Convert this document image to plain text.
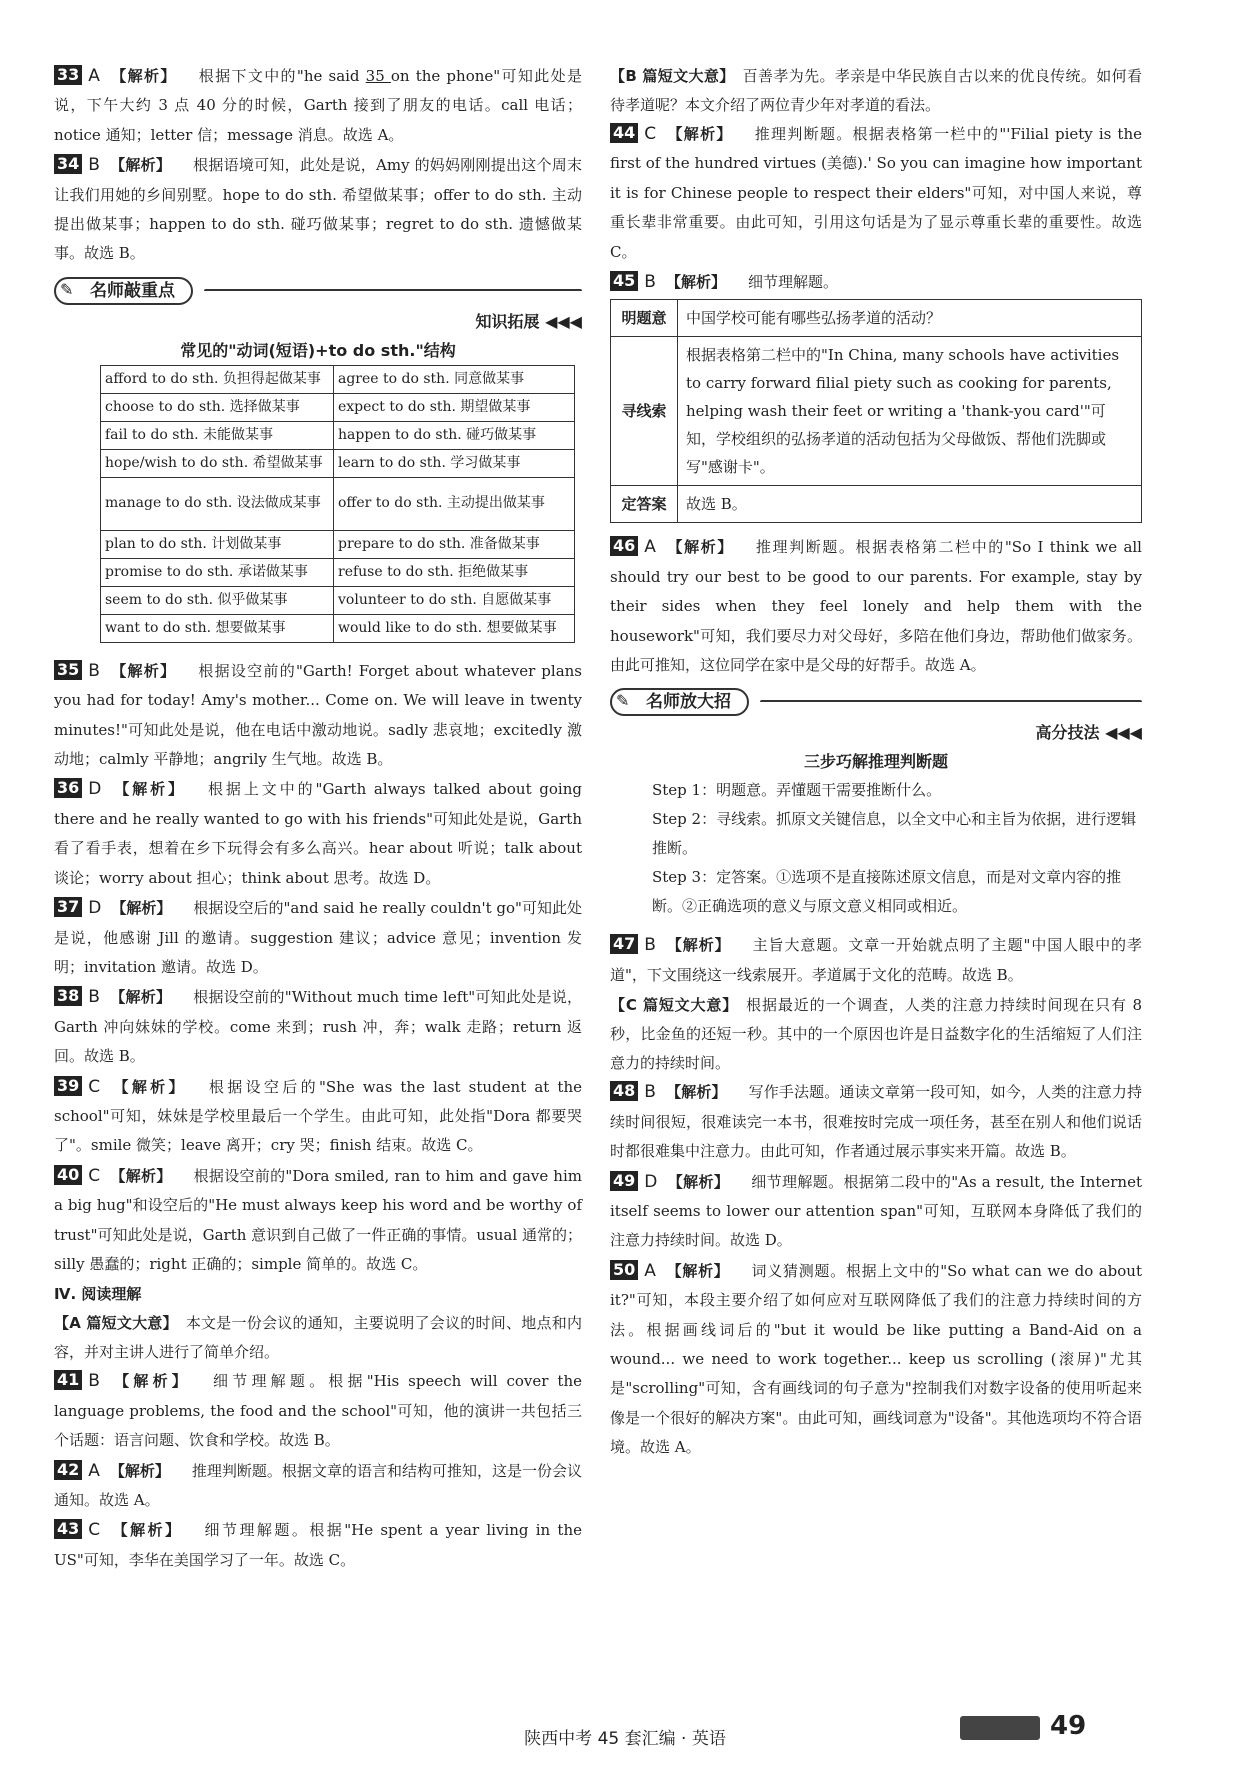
33 A 【解析】 根据下文中的"he said 35 on the phone"可知此处是说，下午大约 3 点 40 分的时候，Garth 接到了朋友的电话。call 电话；notice 通知；letter 信；message 消息。故选 A。
34 B 【解析】 根据语境可知，此处是说，Amy 的妈妈刚刚提出这个周末让我们用她的乡间别墅。hope to do sth. 希望做某事；offer to do sth. 主动提出做某事；happen to do sth. 碰巧做某事；regret to do sth. 遗憾做某事。故选 B。
✎ 名师敲重点
知识拓展 ◀◀◀
常见的"动词(短语)+to do sth."结构
afford to do sth. 负担得起做某事	agree to do sth. 同意做某事
choose to do sth. 选择做某事	expect to do sth. 期望做某事
fail to do sth. 未能做某事	happen to do sth. 碰巧做某事
hope/wish to do sth. 希望做某事	learn to do sth. 学习做某事
manage to do sth. 设法做成某事	offer to do sth. 主动提出做某事
plan to do sth. 计划做某事	prepare to do sth. 准备做某事
promise to do sth. 承诺做某事	refuse to do sth. 拒绝做某事
seem to do sth. 似乎做某事	volunteer to do sth. 自愿做某事
want to do sth. 想要做某事	would like to do sth. 想要做某事
35 B 【解析】 根据设空前的"Garth! Forget about whatever plans you had for today! Amy's mother... Come on. We will leave in twenty minutes!"可知此处是说，他在电话中激动地说。sadly 悲哀地；excitedly 激动地；calmly 平静地；angrily 生气地。故选 B。
36 D 【解析】 根据上文中的"Garth always talked about going there and he really wanted to go with his friends"可知此处是说，Garth 看了看手表，想着在乡下玩得会有多么高兴。hear about 听说；talk about 谈论；worry about 担心；think about 思考。故选 D。
37 D 【解析】 根据设空后的"and said he really couldn't go"可知此处是说，他感谢 Jill 的邀请。suggestion 建议；advice 意见；invention 发明；invitation 邀请。故选 D。
38 B 【解析】 根据设空前的"Without much time left"可知此处是说，Garth 冲向妹妹的学校。come 来到；rush 冲，奔；walk 走路；return 返回。故选 B。
39 C 【解析】 根据设空后的"She was the last student at the school"可知，妹妹是学校里最后一个学生。由此可知，此处指"Dora 都要哭了"。smile 微笑；leave 离开；cry 哭；finish 结束。故选 C。
40 C 【解析】 根据设空前的"Dora smiled, ran to him and gave him a big hug"和设空后的"He must always keep his word and be worthy of trust"可知此处是说，Garth 意识到自己做了一件正确的事情。usual 通常的；silly 愚蠢的；right 正确的；simple 简单的。故选 C。
Ⅳ. 阅读理解
【A 篇短文大意】 本文是一份会议的通知，主要说明了会议的时间、地点和内容，并对主讲人进行了简单介绍。
41 B 【解析】 细节理解题。根据"His speech will cover the language problems, the food and the school"可知，他的演讲一共包括三个话题：语言问题、饮食和学校。故选 B。
42 A 【解析】 推理判断题。根据文章的语言和结构可推知，这是一份会议通知。故选 A。
43 C 【解析】 细节理解题。根据"He spent a year living in the US"可知，李华在美国学习了一年。故选 C。
【B 篇短文大意】 百善孝为先。孝亲是中华民族自古以来的优良传统。如何看待孝道呢？本文介绍了两位青少年对孝道的看法。
44 C 【解析】 推理判断题。根据表格第一栏中的"'Filial piety is the first of the hundred virtues (美德).' So you can imagine how important it is for Chinese people to respect their elders"可知，对中国人来说，尊重长辈非常重要。由此可知，引用这句话是为了显示尊重长辈的重要性。故选 C。
45 B 【解析】 细节理解题。
明题意	中国学校可能有哪些弘扬孝道的活动？
寻线索	根据表格第二栏中的"In China, many schools have activities to carry forward filial piety such as cooking for parents, helping wash their feet or writing a 'thank-you card'"可知，学校组织的弘扬孝道的活动包括为父母做饭、帮他们洗脚或写"感谢卡"。
定答案	故选 B。
46 A 【解析】 推理判断题。根据表格第二栏中的"So I think we all should try our best to be good to our parents. For example, stay by their sides when they feel lonely and help them with the housework"可知，我们要尽力对父母好，多陪在他们身边，帮助他们做家务。由此可推知，这位同学在家中是父母的好帮手。故选 A。
✎ 名师放大招
高分技法 ◀◀◀
三步巧解推理判断题

Step 1：明题意。弄懂题干需要推断什么。

Step 2：寻线索。抓原文关键信息，以全文中心和主旨为依据，进行逻辑推断。

Step 3：定答案。①选项不是直接陈述原文信息，而是对文章内容的推断。②正确选项的意义与原文意义相同或相近。

47 B 【解析】 主旨大意题。文章一开始就点明了主题"中国人眼中的孝道"，下文围绕这一线索展开。孝道属于文化的范畴。故选 B。
【C 篇短文大意】 根据最近的一个调查，人类的注意力持续时间现在只有 8 秒，比金鱼的还短一秒。其中的一个原因也许是日益数字化的生活缩短了人们注意力的持续时间。
48 B 【解析】 写作手法题。通读文章第一段可知，如今，人类的注意力持续时间很短，很难读完一本书，很难按时完成一项任务，甚至在别人和他们说话时都很难集中注意力。由此可知，作者通过展示事实来开篇。故选 B。
49 D 【解析】 细节理解题。根据第二段中的"As a result, the Internet itself seems to lower our attention span"可知，互联网本身降低了我们的注意力持续时间。故选 D。
50 A 【解析】 词义猜测题。根据上文中的"So what can we do about it?"可知，本段主要介绍了如何应对互联网降低了我们的注意力持续时间的方法。根据画线词后的"but it would be like putting a Band-Aid on a wound... we need to work together... keep us scrolling (滚屏)"尤其是"scrolling"可知，含有画线词的句子意为"控制我们对数字设备的使用听起来像是一个很好的解决方案"。由此可知，画线词意为"设备"。其他选项均不符合语境。故选 A。
陕西中考 45 套汇编 · 英语	49
